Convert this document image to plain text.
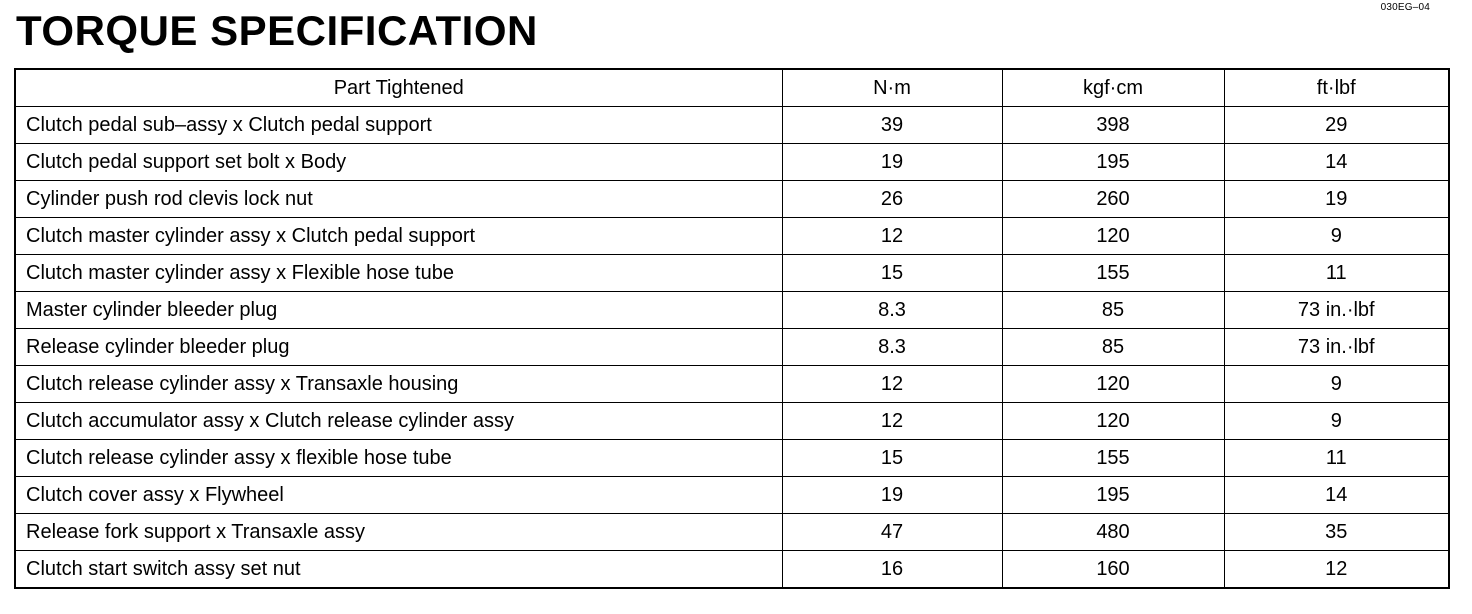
030EG–04
TORQUE SPECIFICATION
Part Tightened	N·m	kgf·cm	ft·lbf
Clutch pedal sub–assy x Clutch pedal support	39	398	29
Clutch pedal support set bolt x Body	19	195	14
Cylinder push rod clevis lock nut	26	260	19
Clutch master cylinder assy x Clutch pedal support	12	120	9
Clutch master cylinder assy x Flexible hose tube	15	155	11
Master cylinder bleeder plug	8.3	85	73 in.·lbf
Release cylinder bleeder plug	8.3	85	73 in.·lbf
Clutch release cylinder assy x Transaxle housing	12	120	9
Clutch accumulator assy x Clutch release cylinder assy	12	120	9
Clutch release cylinder assy x flexible hose tube	15	155	11
Clutch cover assy x Flywheel	19	195	14
Release fork support x Transaxle assy	47	480	35
Clutch start switch assy set nut	16	160	12
